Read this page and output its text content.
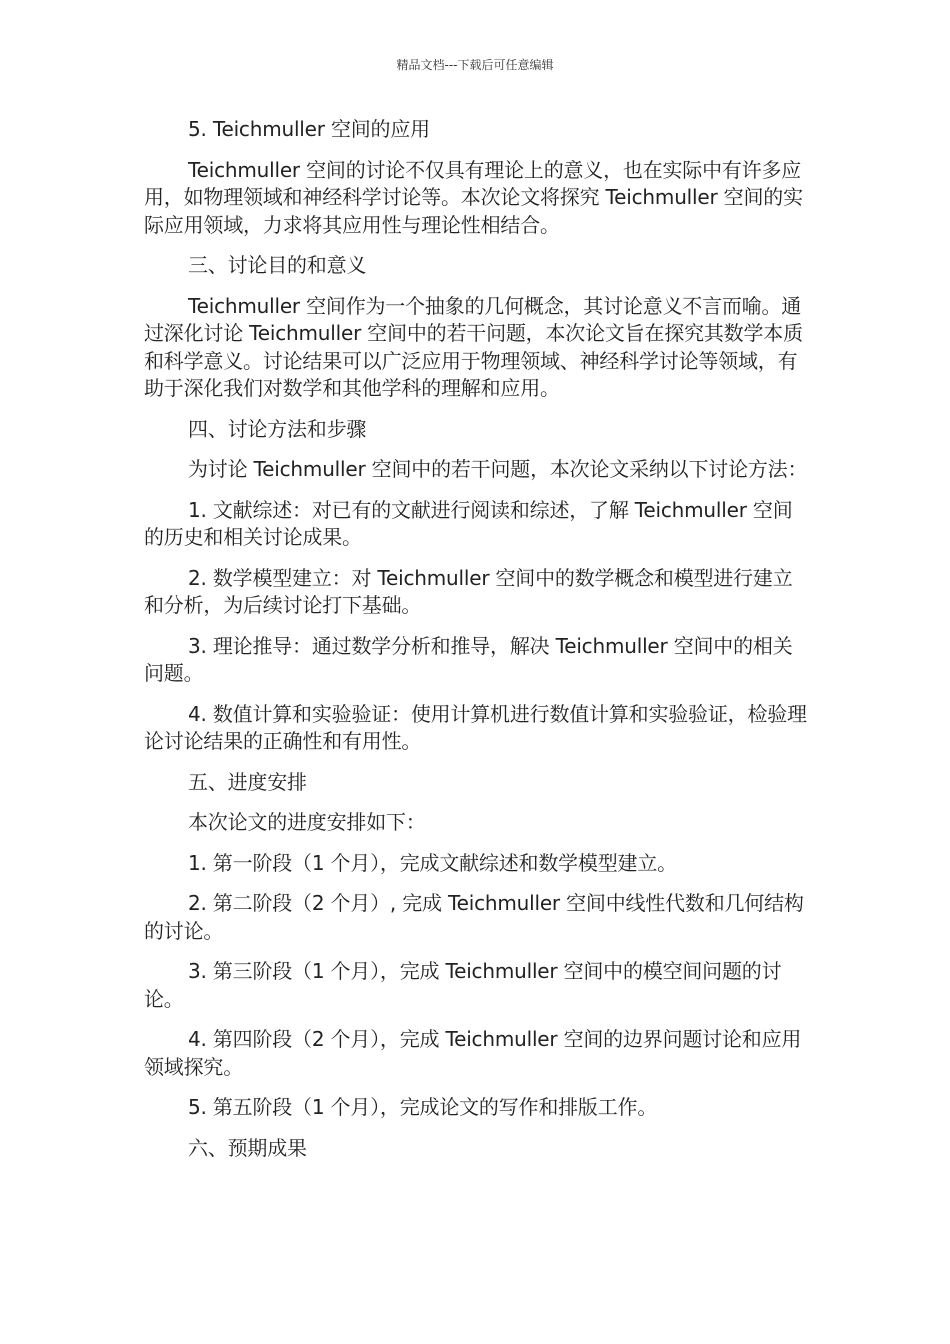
精品文档---下载后可任意编辑

5. Teichmuller 空间的应用

Teichmuller 空间的讨论不仅具有理论上的意义，也在实际中有许多应用，如物理领域和神经科学讨论等。本次论文将探究 Teichmuller 空间的实际应用领域，力求将其应用性与理论性相结合。

三、讨论目的和意义

Teichmuller 空间作为一个抽象的几何概念，其讨论意义不言而喻。通过深化讨论 Teichmuller 空间中的若干问题，本次论文旨在探究其数学本质和科学意义。讨论结果可以广泛应用于物理领域、神经科学讨论等领域，有助于深化我们对数学和其他学科的理解和应用。

四、讨论方法和步骤

为讨论 Teichmuller 空间中的若干问题，本次论文采纳以下讨论方法：

1. 文献综述：对已有的文献进行阅读和综述，了解 Teichmuller 空间的历史和相关讨论成果。

2. 数学模型建立：对 Teichmuller 空间中的数学概念和模型进行建立和分析，为后续讨论打下基础。

3. 理论推导：通过数学分析和推导，解决 Teichmuller 空间中的相关问题。

4. 数值计算和实验验证：使用计算机进行数值计算和实验验证，检验理论讨论结果的正确性和有用性。

五、进度安排

本次论文的进度安排如下：

1. 第一阶段（1 个月），完成文献综述和数学模型建立。

2. 第二阶段（2 个月）, 完成 Teichmuller 空间中线性代数和几何结构的讨论。

3. 第三阶段（1 个月），完成 Teichmuller 空间中的模空间问题的讨论。

4. 第四阶段（2 个月），完成 Teichmuller 空间的边界问题讨论和应用领域探究。

5. 第五阶段（1 个月），完成论文的写作和排版工作。

六、预期成果
